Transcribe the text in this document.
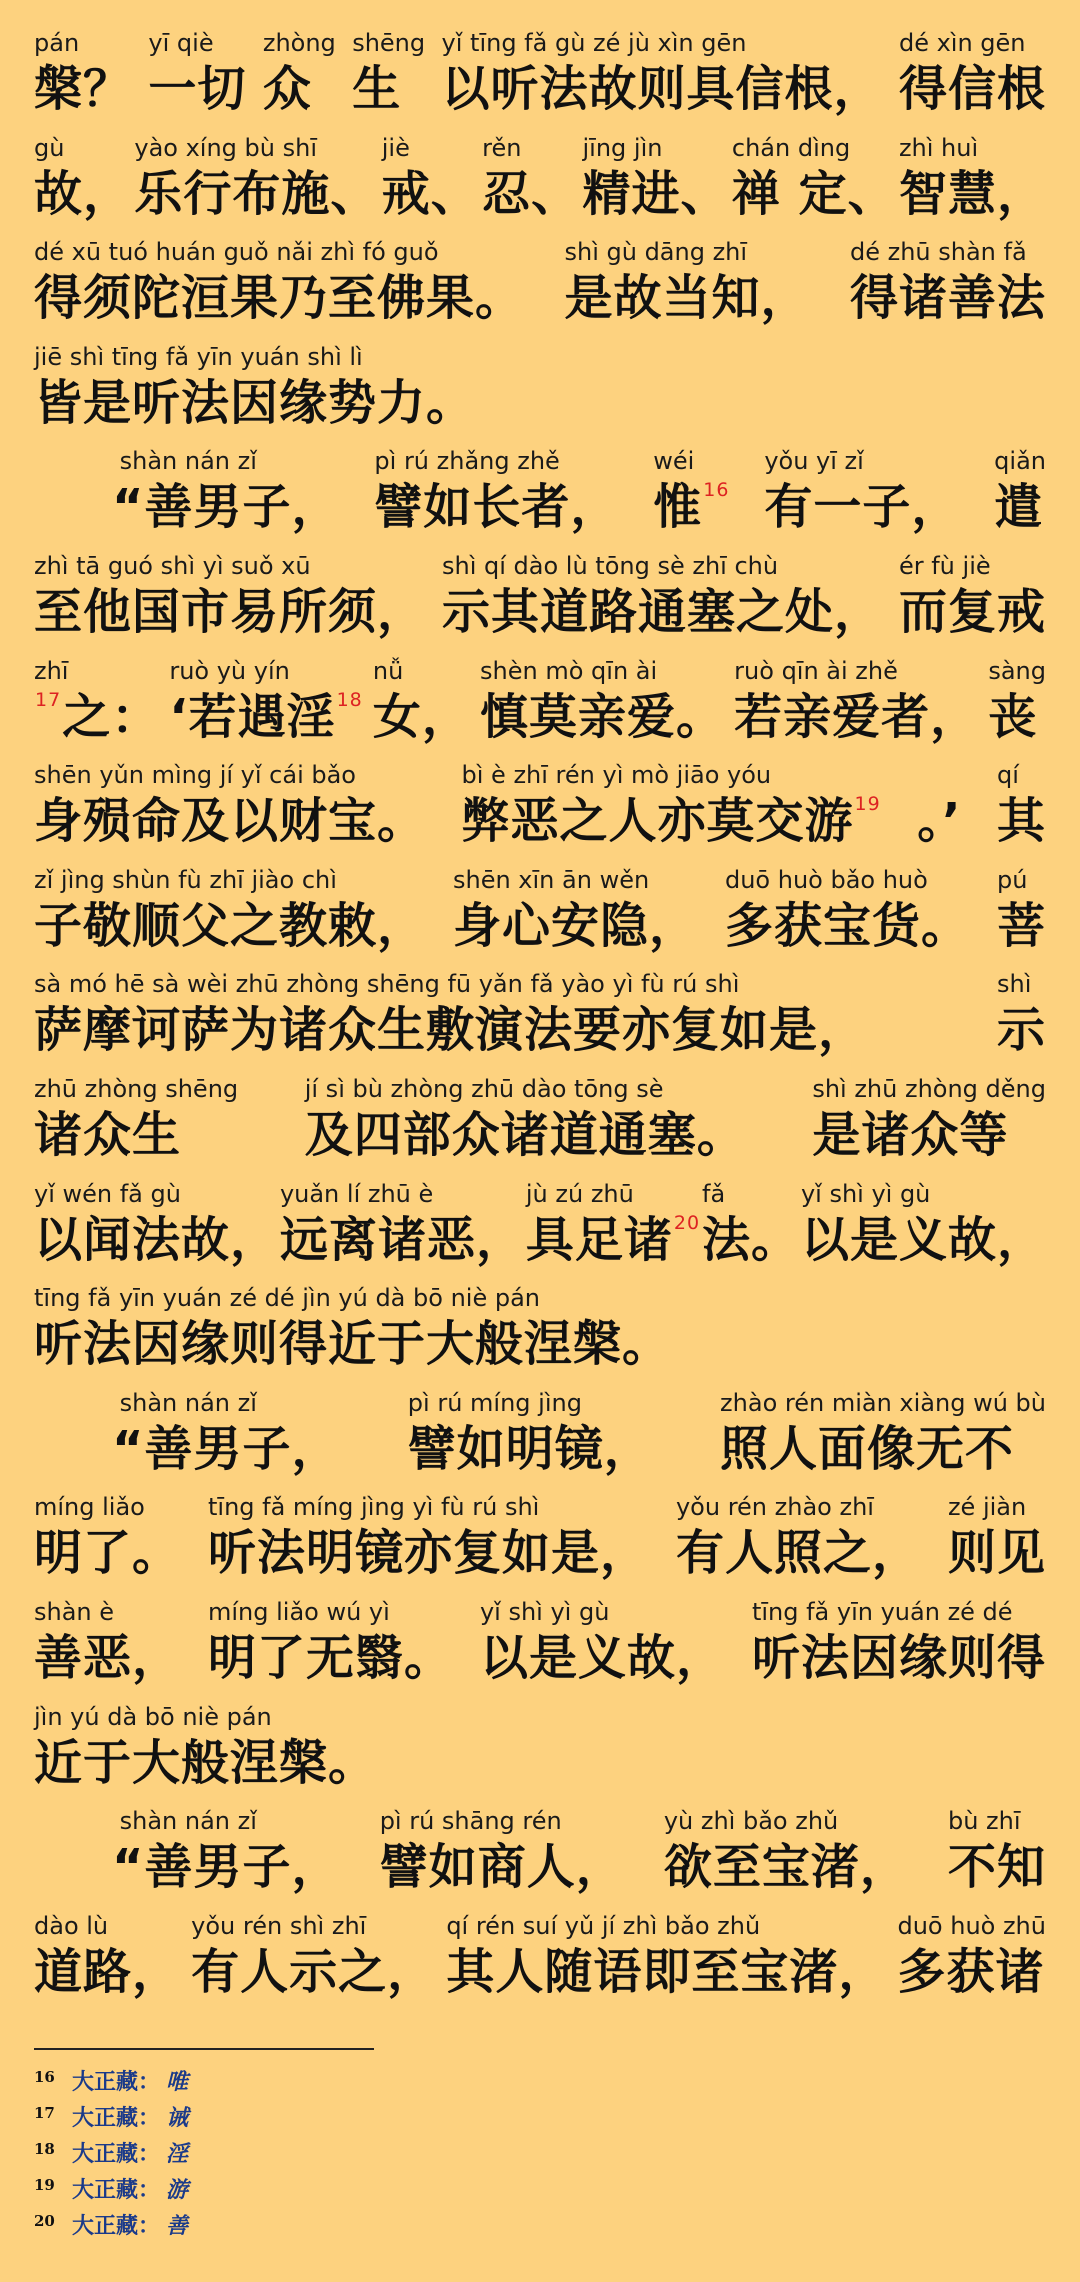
pán
槃？
yī qiè
一切
zhòng
众
shēng
生
yǐ tīng fǎ gù zé jù xìn gēn
以听法故则具信根，
dé xìn gēn
得信根
gù
故，
yào xíng bù shī
乐行布施、
jiè
戒、
rěn
忍、
jīng jìn
精进、
chán dìng
禅 定、
zhì huì
智慧，
dé xū tuó huán guǒ nǎi zhì fó guǒ
得须陀洹果乃至佛果。
shì gù dāng zhī
是故当知，
dé zhū shàn fǎ
得诸善法
jiē shì tīng fǎ yīn yuán shì lì
皆是听法因缘势力。
shàn nán zǐ
“善男子，
pì rú zhǎng zhě
譬如长者，
wéi
惟$^{16}$
yǒu yī zǐ
有一子，
qiǎn
遣
zhì tā guó shì yì suǒ xū
至他国市易所须，
shì qí dào lù tōng sè zhī chù
示其道路通塞之处，
ér fù jiè
而复戒
zhī
17 之：
ruò yù yín
‘若遇淫$^{18}$
nǚ
女，
shèn mò qīn ài
慎莫亲爱。
ruò qīn ài zhě
若亲爱者，
sàng
丧
shēn yǔn mìng jí yǐ cái bǎo
身殒命及以财宝。
bì è zhī rén yì mò jiāo yóu
弊恶之人亦莫交游$^{19}$
。’
qí
其
zǐ jìng shùn fù zhī jiào chì
子敬顺父之教敕，
shēn xīn ān wěn
身心安隐，
duō huò bǎo huò
多获宝货。
pú
菩
sà mó hē sà wèi zhū zhòng shēng fū yǎn fǎ yào yì fù rú shì
萨摩诃萨为诸众生敷演法要亦复如是，
shì
示
zhū zhòng shēng
诸众生
jí sì bù zhòng zhū dào tōng sè
及四部众诸道通塞。
shì zhū zhòng děng
是诸众等
yǐ wén fǎ gù
以闻法故，
yuǎn lí zhū è
远离诸恶，
jù zú zhū
具足诸$^{20}$
fǎ
法。
yǐ shì yì gù
以是义故，
tīng fǎ yīn yuán zé dé jìn yú dà bō niè pán
听法因缘则得近于大般涅槃。
shàn nán zǐ
“善男子，
pì rú míng jìng
譬如明镜，
zhào rén miàn xiàng wú bù
照人面像无不
míng liǎo
明了。
tīng fǎ míng jìng yì fù rú shì
听法明镜亦复如是，
yǒu rén zhào zhī
有人照之，
zé jiàn
则见
shàn è
善恶，
míng liǎo wú yì
明了无翳。
yǐ shì yì gù
以是义故，
tīng fǎ yīn yuán zé dé
听法因缘则得
jìn yú dà bō niè pán
近于大般涅槃。
shàn nán zǐ
“善男子，
pì rú shāng rén
譬如商人，
yù zhì bǎo zhǔ
欲至宝渚，
bù zhī
不知
dào lù
道路，
yǒu rén shì zhī
有人示之，
qí rén suí yǔ jí zhì bǎo zhǔ
其人随语即至宝渚，
duō huò zhū
多获诸
16 大正藏： 唯
17 大正藏： 诫
18 大正藏： 淫
19 大正藏： 游
20 大正藏： 善
